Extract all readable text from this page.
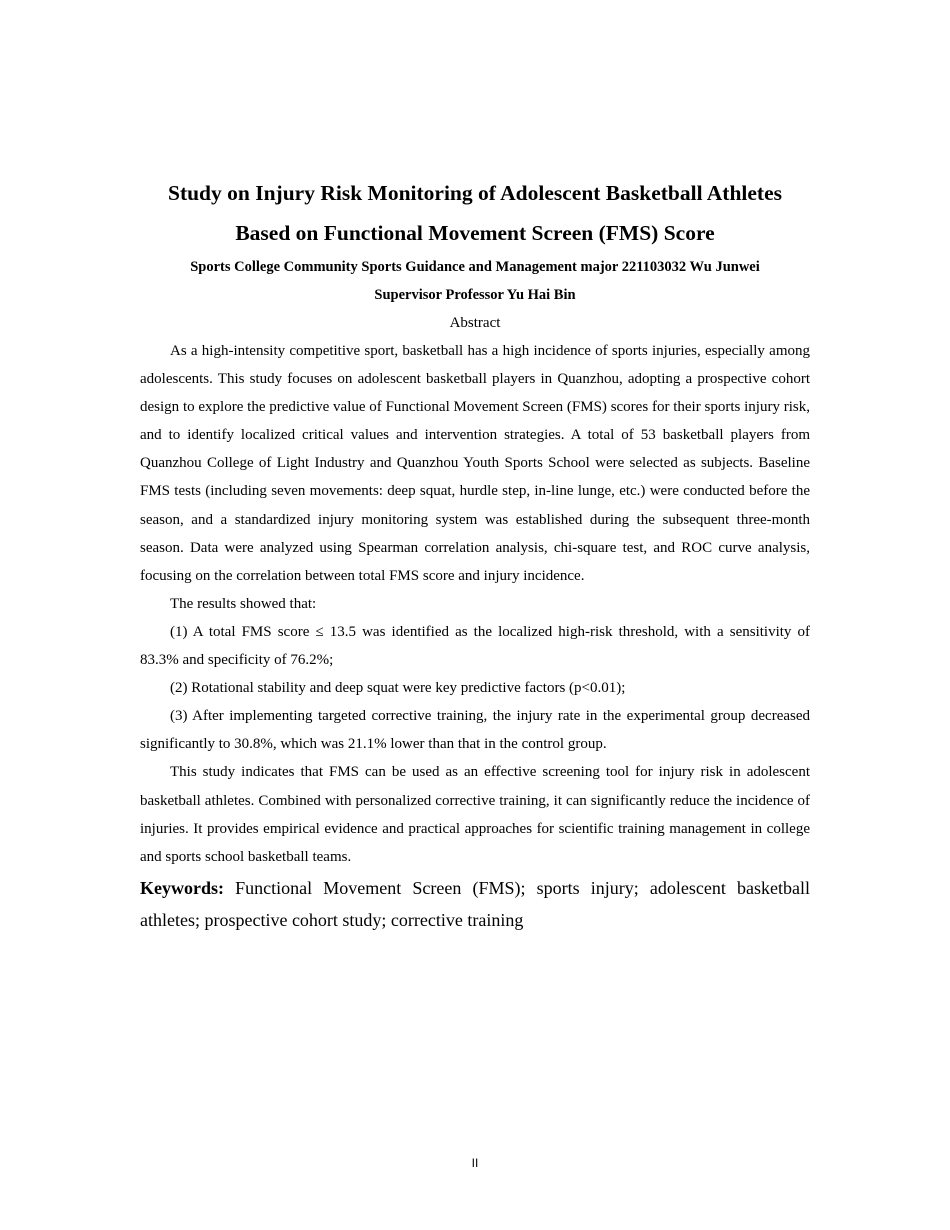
Study on Injury Risk Monitoring of Adolescent Basketball Athletes

Based on Functional Movement Screen (FMS) Score

Sports College Community Sports Guidance and Management major 221103032 Wu Junwei

Supervisor Professor Yu Hai Bin

Abstract

As a high-intensity competitive sport, basketball has a high incidence of sports injuries, especially among adolescents. This study focuses on adolescent basketball players in Quanzhou, adopting a prospective cohort design to explore the predictive value of Functional Movement Screen (FMS) scores for their sports injury risk, and to identify localized critical values and intervention strategies. A total of 53 basketball players from Quanzhou College of Light Industry and Quanzhou Youth Sports School were selected as subjects. Baseline FMS tests (including seven movements: deep squat, hurdle step, in-line lunge, etc.) were conducted before the season, and a standardized injury monitoring system was established during the subsequent three-month season. Data were analyzed using Spearman correlation analysis, chi-square test, and ROC curve analysis, focusing on the correlation between total FMS score and injury incidence.

The results showed that:

(1) A total FMS score ≤ 13.5 was identified as the localized high-risk threshold, with a sensitivity of 83.3% and specificity of 76.2%;

(2) Rotational stability and deep squat were key predictive factors (p<0.01);

(3) After implementing targeted corrective training, the injury rate in the experimental group decreased significantly to 30.8%, which was 21.1% lower than that in the control group.

This study indicates that FMS can be used as an effective screening tool for injury risk in adolescent basketball athletes. Combined with personalized corrective training, it can significantly reduce the incidence of injuries. It provides empirical evidence and practical approaches for scientific training management in college and sports school basketball teams.

Keywords: Functional Movement Screen (FMS); sports injury; adolescent basketball athletes; prospective cohort study; corrective training

II
